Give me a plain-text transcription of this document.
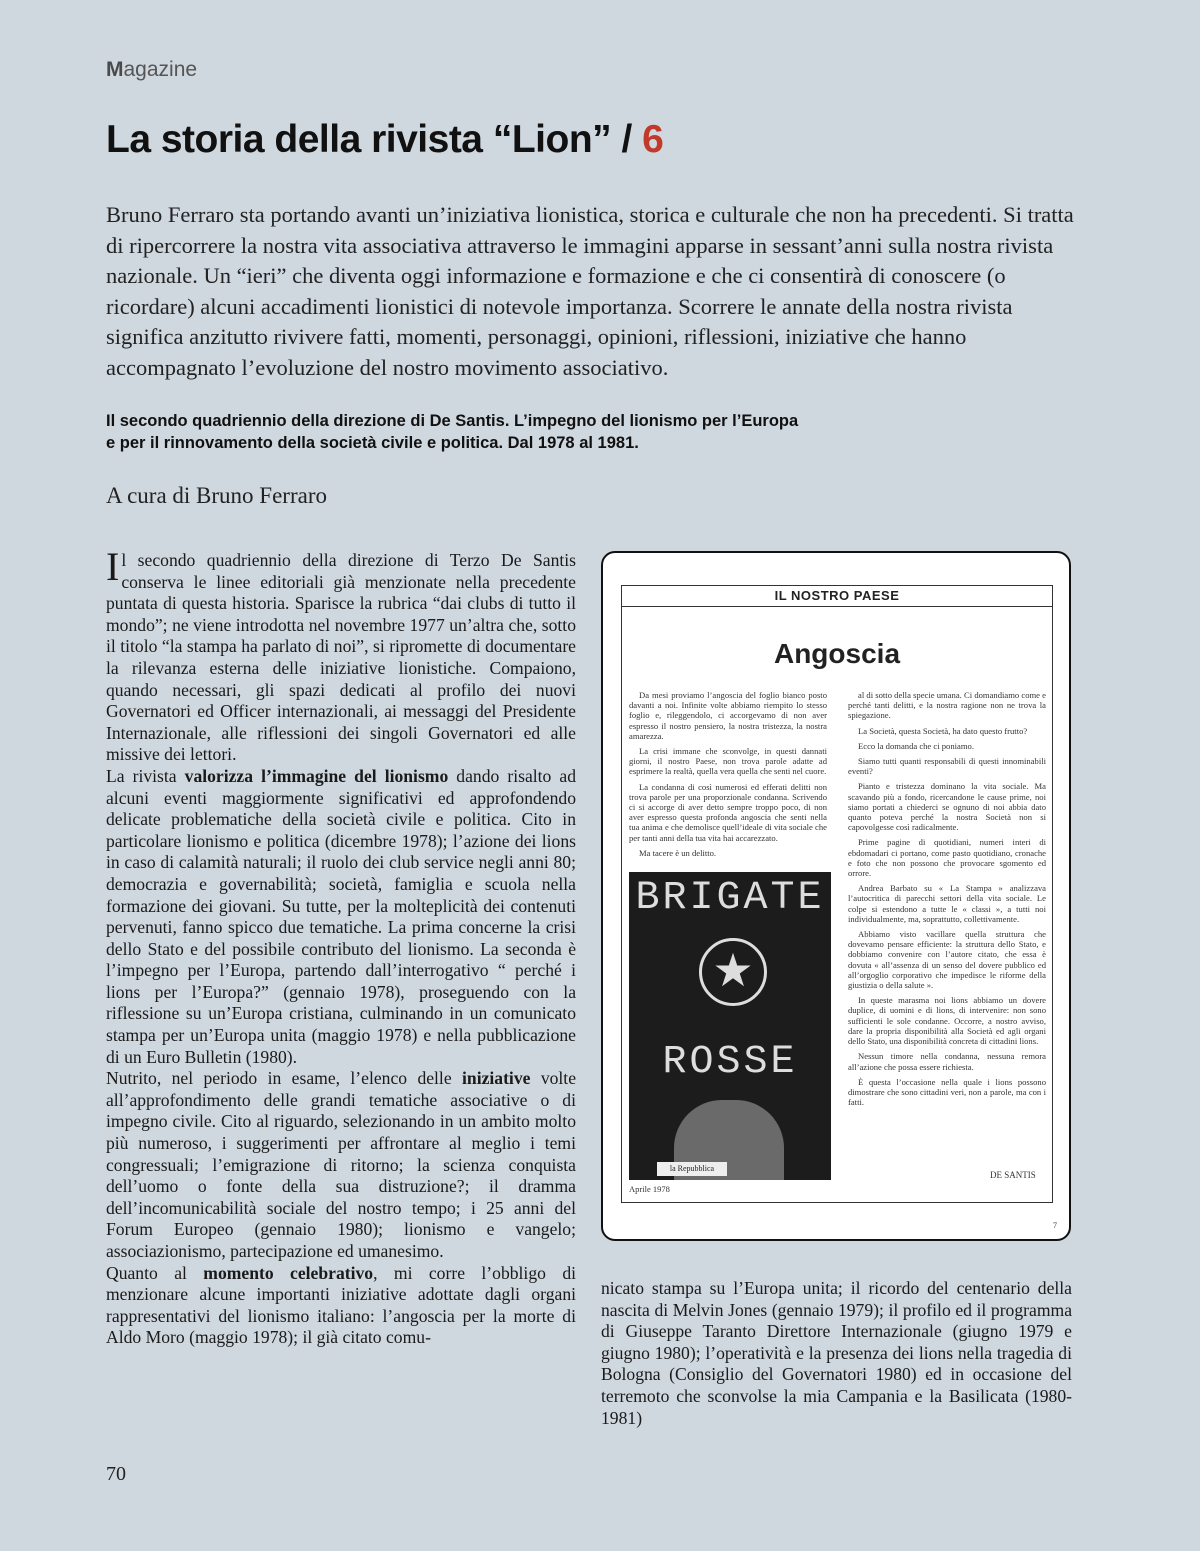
Magazine
La storia della rivista “Lion” / 6
Bruno Ferraro sta portando avanti un’iniziativa lionistica, storica e culturale che non ha precedenti. Si tratta di ripercorrere la nostra vita associativa attraverso le immagini apparse in sessant’anni sulla nostra rivista nazionale. Un “ieri” che diventa oggi informazione e formazione e che ci consentirà di conoscere (o ricordare) alcuni accadimenti lionistici di notevole importanza. Scorrere le annate della nostra rivista significa anzitutto rivivere fatti, momenti, personaggi, opinioni, riflessioni, iniziative che hanno accompagnato l’evoluzione del nostro movimento associativo.
Il secondo quadriennio della direzione di De Santis. L’impegno del lionismo per l’Europa
e per il rinnovamento della società civile e politica. Dal 1978 al 1981.
A cura di Bruno Ferraro

Il secondo quadriennio della direzione di Terzo De Santis conserva le linee editoriali già menzionate nella precedente puntata di questa historia. Sparisce la rubrica “dai clubs di tutto il mondo”; ne viene introdotta nel novembre 1977 un’altra che, sotto il titolo “la stampa ha parlato di noi”, si ripromette di documentare la rilevanza esterna delle iniziative lionistiche. Compaiono, quando necessari, gli spazi dedicati al profilo dei nuovi Governatori ed Officer internazionali, ai messaggi del Presidente Internazionale, alle riflessioni dei singoli Governatori ed alle missive dei lettori.

La rivista valorizza l’immagine del lionismo dando risalto ad alcuni eventi maggiormente significativi ed approfondendo delicate problematiche della società civile e politica. Cito in particolare lionismo e politica (dicembre 1978); l’azione dei lions in caso di calamità naturali; il ruolo dei club service negli anni 80; democrazia e governabilità; società, famiglia e scuola nella formazione dei giovani. Su tutte, per la molteplicità dei contenuti pervenuti, fanno spicco due tematiche. La prima concerne la crisi dello Stato e del possibile contributo del lionismo. La seconda è l’impegno per l’Europa, partendo dall’interrogativo “ perché i lions per l’Europa?” (gennaio 1978), proseguendo con la riflessione su un’Europa cristiana, culminando in un comunicato stampa per un’Europa unita (maggio 1978) e nella pubblicazione di un Euro Bulletin (1980).

Nutrito, nel periodo in esame, l’elenco delle iniziative volte all’approfondimento delle grandi tematiche associative o di impegno civile. Cito al riguardo, selezionando in un ambito molto più numeroso, i suggerimenti per affrontare al meglio i temi congressuali; l’emigrazione di ritorno; la scienza conquista dell’uomo o fonte della sua distruzione?; il dramma dell’incomunicabilità sociale del nostro tempo; i 25 anni del Forum Europeo (gennaio 1980); lionismo e vangelo; associazionismo, partecipazione ed umanesimo.

Quanto al momento celebrativo, mi corre l’obbligo di menzionare alcune importanti iniziative adottate dagli organi rappresentativi del lionismo italiano: l’angoscia per la morte di Aldo Moro (maggio 1978); il già citato comu-

IL NOSTRO PAESE
Angoscia

Da mesi proviamo l’angoscia del foglio bianco posto davanti a noi. Infinite volte abbiamo riempito lo stesso foglio e, rileggendolo, ci accorgevamo di non aver espresso il nostro pensiero, la nostra tristezza, la nostra amarezza.

La crisi immane che sconvolge, in questi dannati giorni, il nostro Paese, non trova parole adatte ad esprimere la realtà, quella vera quella che senti nel cuore.

La condanna di così numerosi ed efferati delitti non trova parole per una proporzionale condanna. Scrivendo ci si accorge di aver detto sempre troppo poco, di non aver espresso questa profonda angoscia che senti nella tua anima e che demolisce quell’ideale di vita sociale che per tanti anni della tua vita hai accarezzato.

Ma tacere è un delitto.

al di sotto della specie umana. Ci domandiamo come e perché tanti delitti, e la nostra ragione non ne trova la spiegazione.

La Società, questa Società, ha dato questo frutto?

Ecco la domanda che ci poniamo.

Siamo tutti quanti responsabili di questi innominabili eventi?

Pianto e tristezza dominano la vita sociale. Ma scavando più a fondo, ricercandone le cause prime, noi siamo portati a chiederci se ognuno di noi abbia dato quanto poteva perché la nostra Società non si capovolgesse così radicalmente.

Prime pagine di quotidiani, numeri interi di ebdomadari ci portano, come pasto quotidiano, cronache e foto che non possono che provocare sgomento ed orrore.

Andrea Barbato su « La Stampa » analizzava l’autocritica di parecchi settori della vita sociale. Le colpe si estendono a tutte le « classi », a tutti noi individualmente, ma, soprattutto, collettivamente.

Abbiamo visto vacillare quella struttura che dovevamo pensare efficiente: la struttura dello Stato, e dobbiamo convenire con l’autore citato, che essa è dovuta « all’assenza di un senso del dovere pubblico ed all’orgoglio corporativo che impedisce le riforme della giustizia o della salute ».

In queste marasma noi lions abbiamo un dovere duplice, di uomini e di lions, di intervenire: non sono sufficienti le sole condanne. Occorre, a nostro avviso, dare la propria disponibilità alla Società ed agli organi dello Stato, una disponibilità concreta di cittadini lions.

Nessun timore nella condanna, nessuna remora all’azione che possa essere richiesta.

È questa l’occasione nella quale i lions possono dimostrare che sono cittadini veri, non a parole, ma con i fatti.

BRIGATE
★
ROSSE
la Repubblica
Aprile 1978
DE SANTIS
7

nicato stampa su l’Europa unita; il ricordo del centenario della nascita di Melvin Jones (gennaio 1979); il profilo ed il programma di Giuseppe Taranto Direttore Internazionale (giugno 1979 e giugno 1980); l’operatività e la presenza dei lions nella tragedia di Bologna (Consiglio del Governatori 1980) ed in occasione del terremoto che sconvolse la mia Campania e la Basilicata (1980-1981)

70
